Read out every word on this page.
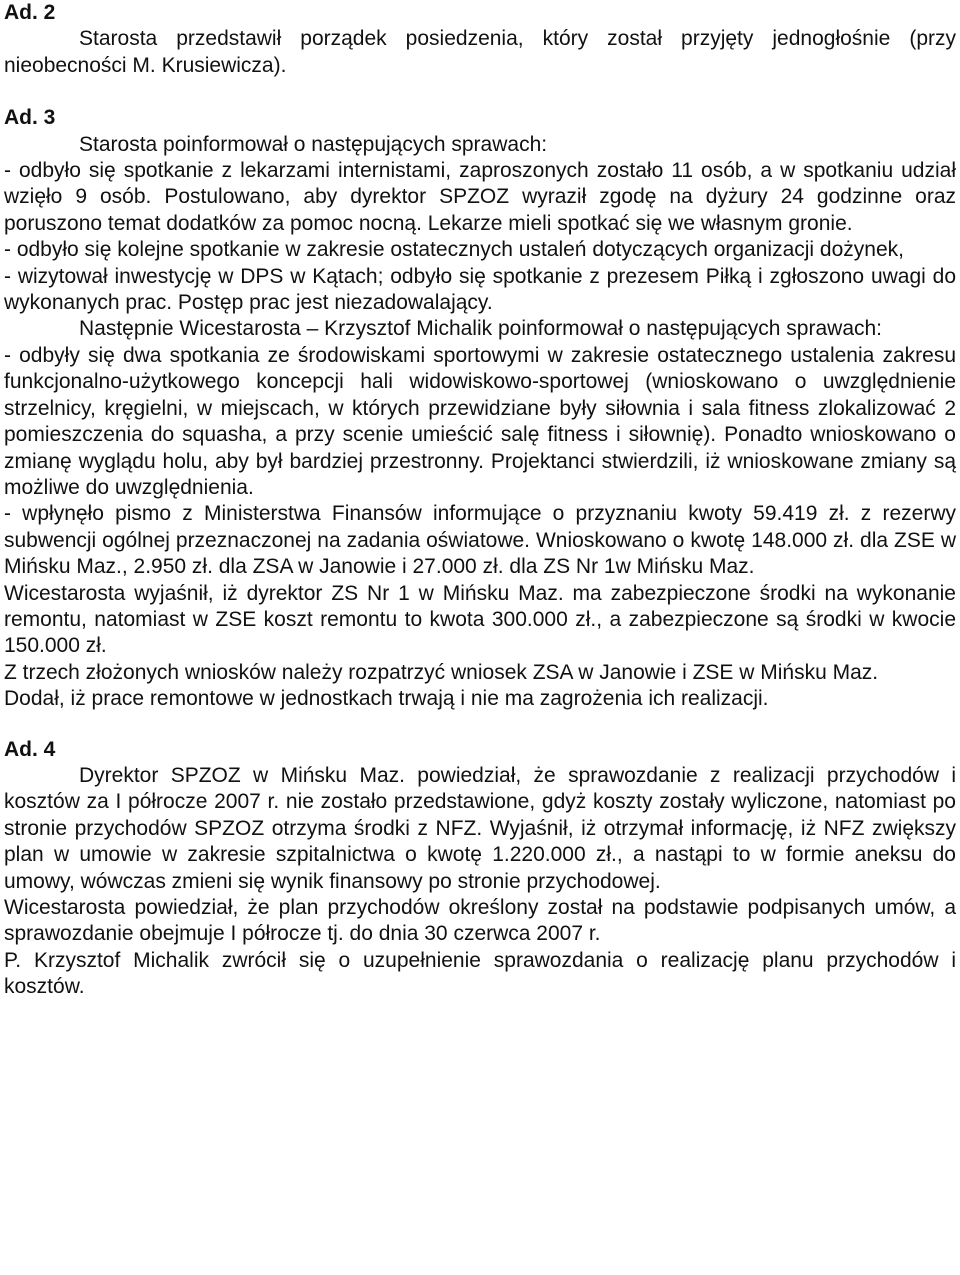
Ad. 2

Starosta przedstawił porządek posiedzenia, który został przyjęty jednogłośnie (przy nieobecności M. Krusiewicza).

Ad. 3

Starosta poinformował o następujących sprawach:

- odbyło się spotkanie z lekarzami internistami, zaproszonych zostało 11 osób, a w spotkaniu udział wzięło 9 osób. Postulowano, aby dyrektor SPZOZ wyraził zgodę na dyżury 24 godzinne oraz poruszono temat dodatków za pomoc nocną. Lekarze mieli spotkać się we własnym gronie.

- odbyło się kolejne spotkanie w zakresie ostatecznych ustaleń dotyczących organizacji dożynek,

- wizytował inwestycję w DPS w Kątach; odbyło się spotkanie z prezesem Piłką i zgłoszono uwagi do wykonanych prac. Postęp prac jest niezadowalający.

Następnie Wicestarosta – Krzysztof Michalik poinformował o następujących sprawach:

- odbyły się dwa spotkania ze środowiskami sportowymi w zakresie ostatecznego ustalenia zakresu funkcjonalno-użytkowego koncepcji hali widowiskowo-sportowej (wnioskowano o uwzględnienie strzelnicy, kręgielni, w miejscach, w których przewidziane były siłownia i sala fitness zlokalizować 2 pomieszczenia do squasha, a przy scenie umieścić salę fitness i siłownię). Ponadto wnioskowano o zmianę wyglądu holu, aby był bardziej przestronny. Projektanci stwierdzili, iż wnioskowane zmiany są możliwe do uwzględnienia.

- wpłynęło pismo z Ministerstwa Finansów informujące o przyznaniu kwoty 59.419 zł. z rezerwy subwencji ogólnej przeznaczonej na zadania oświatowe. Wnioskowano o kwotę 148.000 zł. dla ZSE w Mińsku Maz., 2.950 zł. dla ZSA w Janowie i 27.000 zł. dla ZS Nr 1w Mińsku Maz.

Wicestarosta wyjaśnił, iż dyrektor ZS Nr 1 w Mińsku Maz. ma zabezpieczone środki na wykonanie remontu, natomiast w ZSE koszt remontu to kwota 300.000 zł., a zabezpieczone są środki w kwocie 150.000 zł.

Z trzech złożonych wniosków należy rozpatrzyć wniosek ZSA w Janowie i ZSE w Mińsku Maz.

Dodał, iż prace remontowe w jednostkach trwają i nie ma zagrożenia ich realizacji.

Ad. 4

Dyrektor SPZOZ w Mińsku Maz. powiedział, że sprawozdanie z realizacji przychodów i kosztów za I półrocze 2007 r. nie zostało przedstawione, gdyż koszty zostały wyliczone, natomiast po stronie przychodów SPZOZ otrzyma środki z NFZ. Wyjaśnił, iż otrzymał informację, iż NFZ zwiększy plan w umowie w zakresie szpitalnictwa o kwotę 1.220.000 zł., a nastąpi to w formie aneksu do umowy, wówczas zmieni się wynik finansowy po stronie przychodowej.

Wicestarosta powiedział, że plan przychodów określony został na podstawie podpisanych umów, a sprawozdanie obejmuje I półrocze tj. do dnia 30 czerwca 2007 r.

P. Krzysztof Michalik zwrócił się o uzupełnienie sprawozdania o realizację planu przychodów i kosztów.
